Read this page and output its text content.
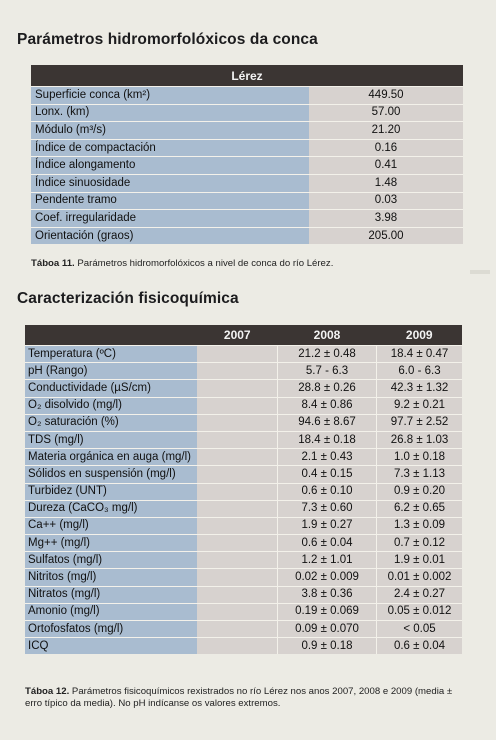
Parámetros hidromorfolóxicos da conca
Lérez	
Superficie conca (km²)	449.50
Lonx. (km)	57.00
Módulo (m³/s)	21.20
Índice de compactación	0.16
Índice alongamento	0.41
Índice sinuosidade	1.48
Pendente tramo	0.03
Coef. irregularidade	3.98
Orientación (graos)	205.00
Táboa 11. Parámetros hidromorfolóxicos a nivel de conca do río Lérez.
Caracterización fisicoquímica
	2007	2008	2009
Temperatura (ºC)		21.2 ± 0.48	18.4 ± 0.47
pH (Rango)		5.7 - 6.3	6.0 - 6.3
Conductividade (µS/cm)		28.8 ± 0.26	42.3 ± 1.32
O₂ disolvido (mg/l)		8.4 ± 0.86	9.2 ± 0.21
O₂ saturación (%)		94.6 ± 8.67	97.7 ± 2.52
TDS (mg/l)		18.4 ± 0.18	26.8 ± 1.03
Materia orgánica en auga (mg/l)		2.1 ± 0.43	1.0 ± 0.18
Sólidos en suspensión (mg/l)		0.4 ± 0.15	7.3 ± 1.13
Turbidez (UNT)		0.6 ± 0.10	0.9 ± 0.20
Dureza (CaCO₃ mg/l)		7.3 ± 0.60	6.2 ± 0.65
Ca++ (mg/l)		1.9 ± 0.27	1.3 ± 0.09
Mg++ (mg/l)		0.6 ± 0.04	0.7 ± 0.12
Sulfatos (mg/l)		1.2 ± 1.01	1.9 ± 0.01
Nitritos (mg/l)		0.02 ± 0.009	0.01 ± 0.002
Nitratos (mg/l)		3.8 ± 0.36	2.4 ± 0.27
Amonio (mg/l)		0.19 ± 0.069	0.05 ± 0.012
Ortofosfatos (mg/l)		0.09 ± 0.070	< 0.05
ICQ		0.9 ± 0.18	0.6 ± 0.04
Táboa 12. Parámetros fisicoquímicos rexistrados no río Lérez nos anos 2007, 2008 e 2009 (media ± erro típico da media). No pH indícanse os valores extremos.
